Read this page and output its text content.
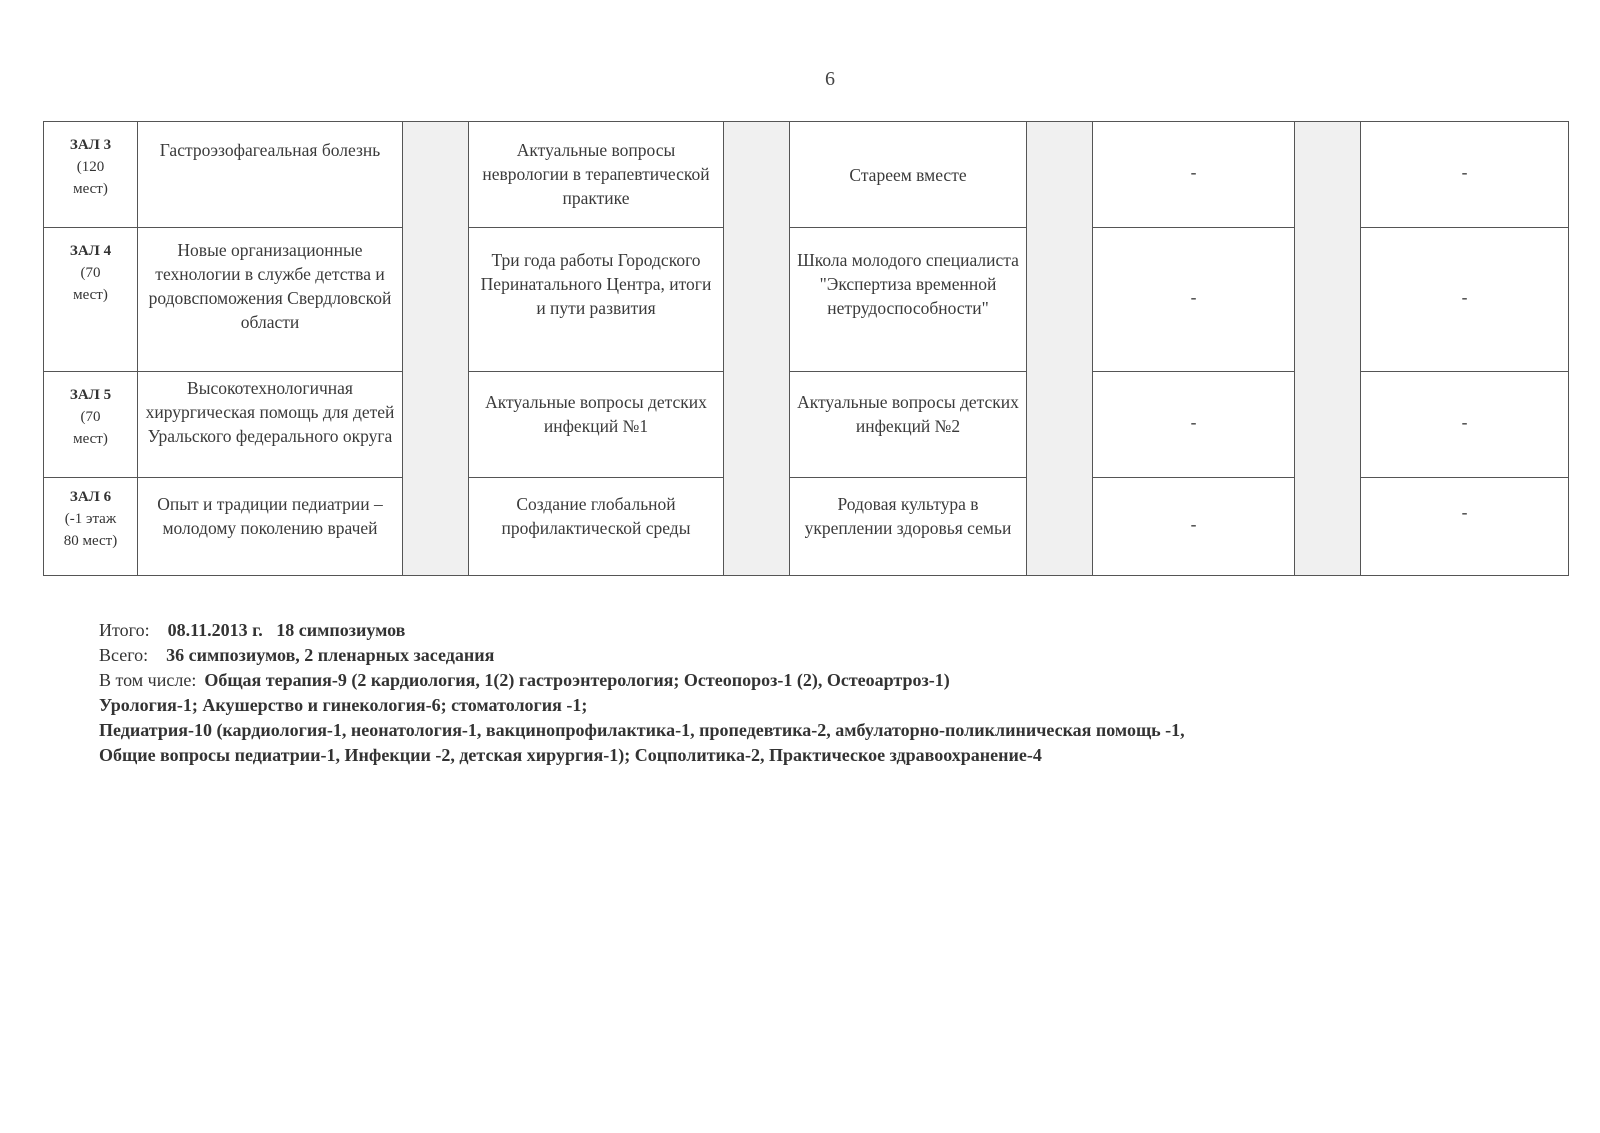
6
ЗАЛ 3
(120
мест)	Гастроэзофагеальная болезнь		Актуальные вопросы неврологии в терапевтической практике		Стареем вместе		-		-

ЗАЛ 4
(70
мест)	Новые организационные технологии в службе детства и родовспоможения Свердловской области		Три года работы Городского Перинатального Центра, итоги и пути развития		Школа молодого специалиста "Экспертиза временной нетрудоспособности"		-		-

ЗАЛ 5
(70
мест)	Высокотехнологичная хирургическая помощь для детей Уральского федерального округа		Актуальные вопросы детских инфекций №1		Актуальные вопросы детских инфекций №2		-		-

ЗАЛ 6
(-1 этаж
80 мест)	Опыт и традиции педиатрии – молодому поколению врачей		Создание глобальной профилактической среды		Родовая культура в укреплении здоровья семьи		-		-
Итого: 08.11.2013 г.   18 симпозиумов
Всего: 36 симпозиумов, 2 пленарных заседания
В том числе: Общая терапия-9 (2 кардиология, 1(2) гастроэнтерология; Остеопороз-1 (2), Остеоартроз-1)
Урология-1; Акушерство и гинекология-6; стоматология -1;
Педиатрия-10 (кардиология-1, неонатология-1, вакцинопрофилактика-1, пропедевтика-2, амбулаторно-поликлиническая помощь -1,
Общие вопросы педиатрии-1, Инфекции -2, детская хирургия-1); Соцполитика-2, Практическое здравоохранение-4
